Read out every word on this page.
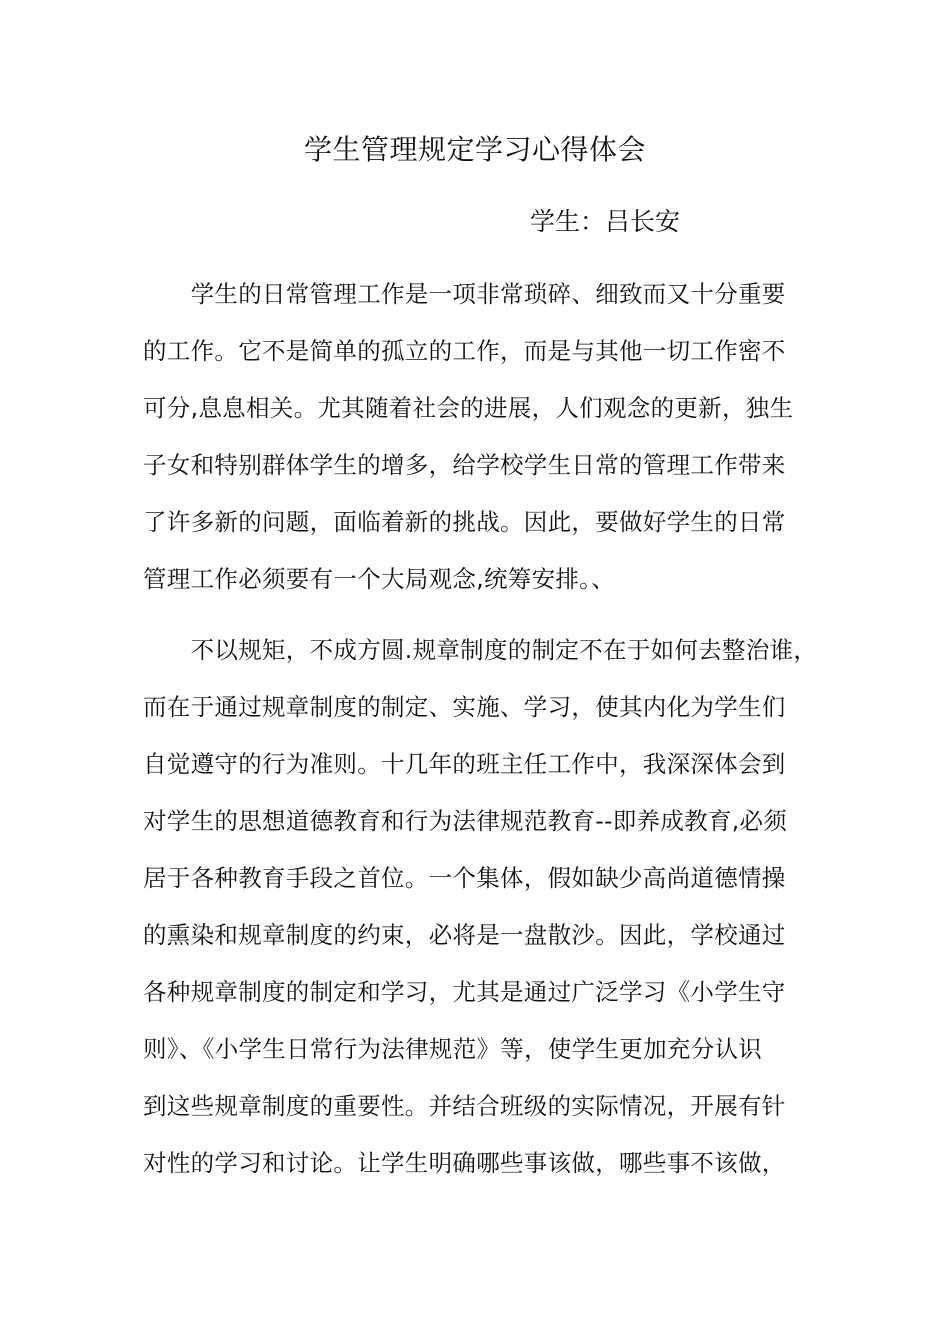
学生管理规定学习心得体会
学生：吕长安
　　学生的日常管理工作是一项非常琐碎、细致而又十分重要
的工作。它不是简单的孤立的工作，而是与其他一切工作密不
可分,息息相关。尤其随着社会的进展，人们观念的更新，独生
子女和特别群体学生的增多，给学校学生日常的管理工作带来
了许多新的问题，面临着新的挑战。因此，要做好学生的日常
管理工作必须要有一个大局观念,统筹安排。、
　　不以规矩，不成方圆.规章制度的制定不在于如何去整治谁，
而在于通过规章制度的制定、实施、学习，使其内化为学生们
自觉遵守的行为准则。十几年的班主任工作中，我深深体会到
对学生的思想道德教育和行为法律规范教育--即养成教育,必须
居于各种教育手段之首位。一个集体，假如缺少高尚道德情操
的熏染和规章制度的约束，必将是一盘散沙。因此，学校通过
各种规章制度的制定和学习，尤其是通过广泛学习《小学生守
则》、《小学生日常行为法律规范》等，使学生更加充分认识
到这些规章制度的重要性。并结合班级的实际情况，开展有针
对性的学习和讨论。让学生明确哪些事该做，哪些事不该做，
